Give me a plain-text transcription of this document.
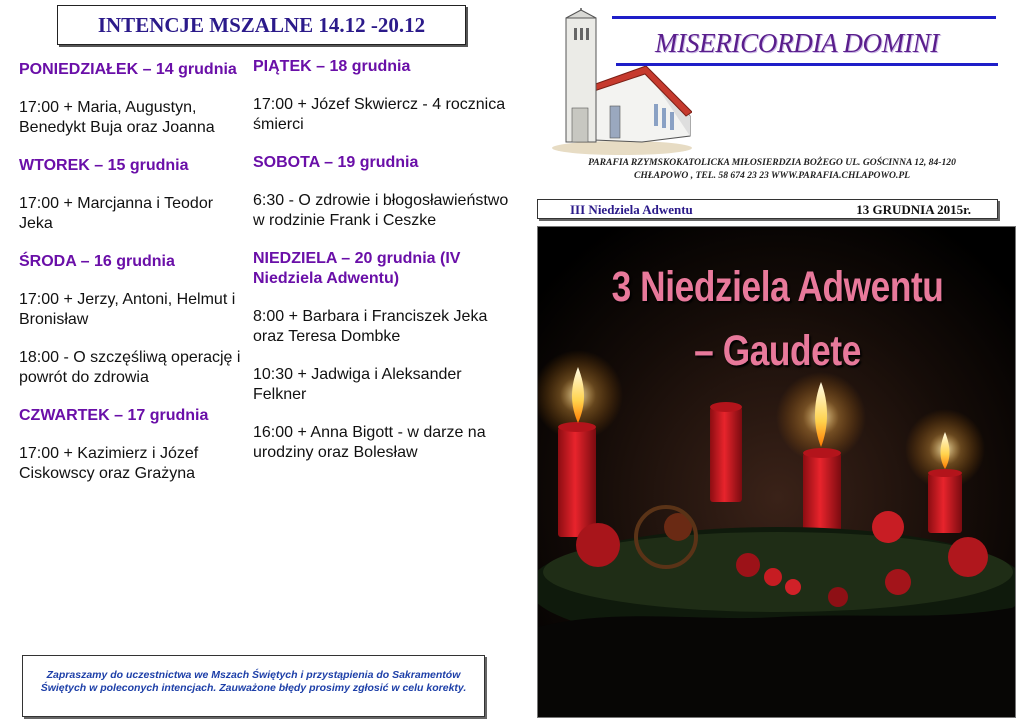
INTENCJE MSZALNE 14.12 -20.12
PONIEDZIAŁEK – 14 grudnia
17:00 + Maria, Augustyn, Benedykt Buja oraz Joanna
WTOREK – 15 grudnia
17:00 + Marcjanna i Teodor Jeka
ŚRODA – 16 grudnia
17:00 + Jerzy, Antoni, Helmut i Bronisław
18:00 - O szczęśliwą operację i powrót do zdrowia
CZWARTEK – 17 grudnia
17:00 + Kazimierz i Józef Ciskowscy oraz Grażyna
PIĄTEK – 18 grudnia
17:00 + Józef Skwiercz - 4 rocznica śmierci
SOBOTA – 19 grudnia
6:30 - O zdrowie i błogosławieństwo w rodzinie Frank i Ceszke
NIEDZIELA – 20 grudnia (IV Niedziela Adwentu)
8:00 + Barbara i Franciszek Jeka oraz Teresa Dombke
10:30 + Jadwiga i Aleksander Felkner
16:00 + Anna Bigott - w darze na urodziny oraz Bolesław
Zapraszamy do uczestnictwa we Mszach Świętych i przystąpienia do Sakramentów Świętych w poleconych intencjach. Zauważone błędy prosimy zgłosić w celu korekty.
MISERICORDIA DOMINI
PARAFIA RZYMSKOKATOLICKA MIŁOSIERDZIA BOŻEGO UL. GOŚCINNA 12, 84-120
CHŁAPOWO , TEL. 58 674 23 23 WWW.PARAFIA.CHLAPOWO.PL
III Niedziela Adwentu	13 GRUDNIA 2015r.
3 Niedziela Adwentu
– Gaudete
